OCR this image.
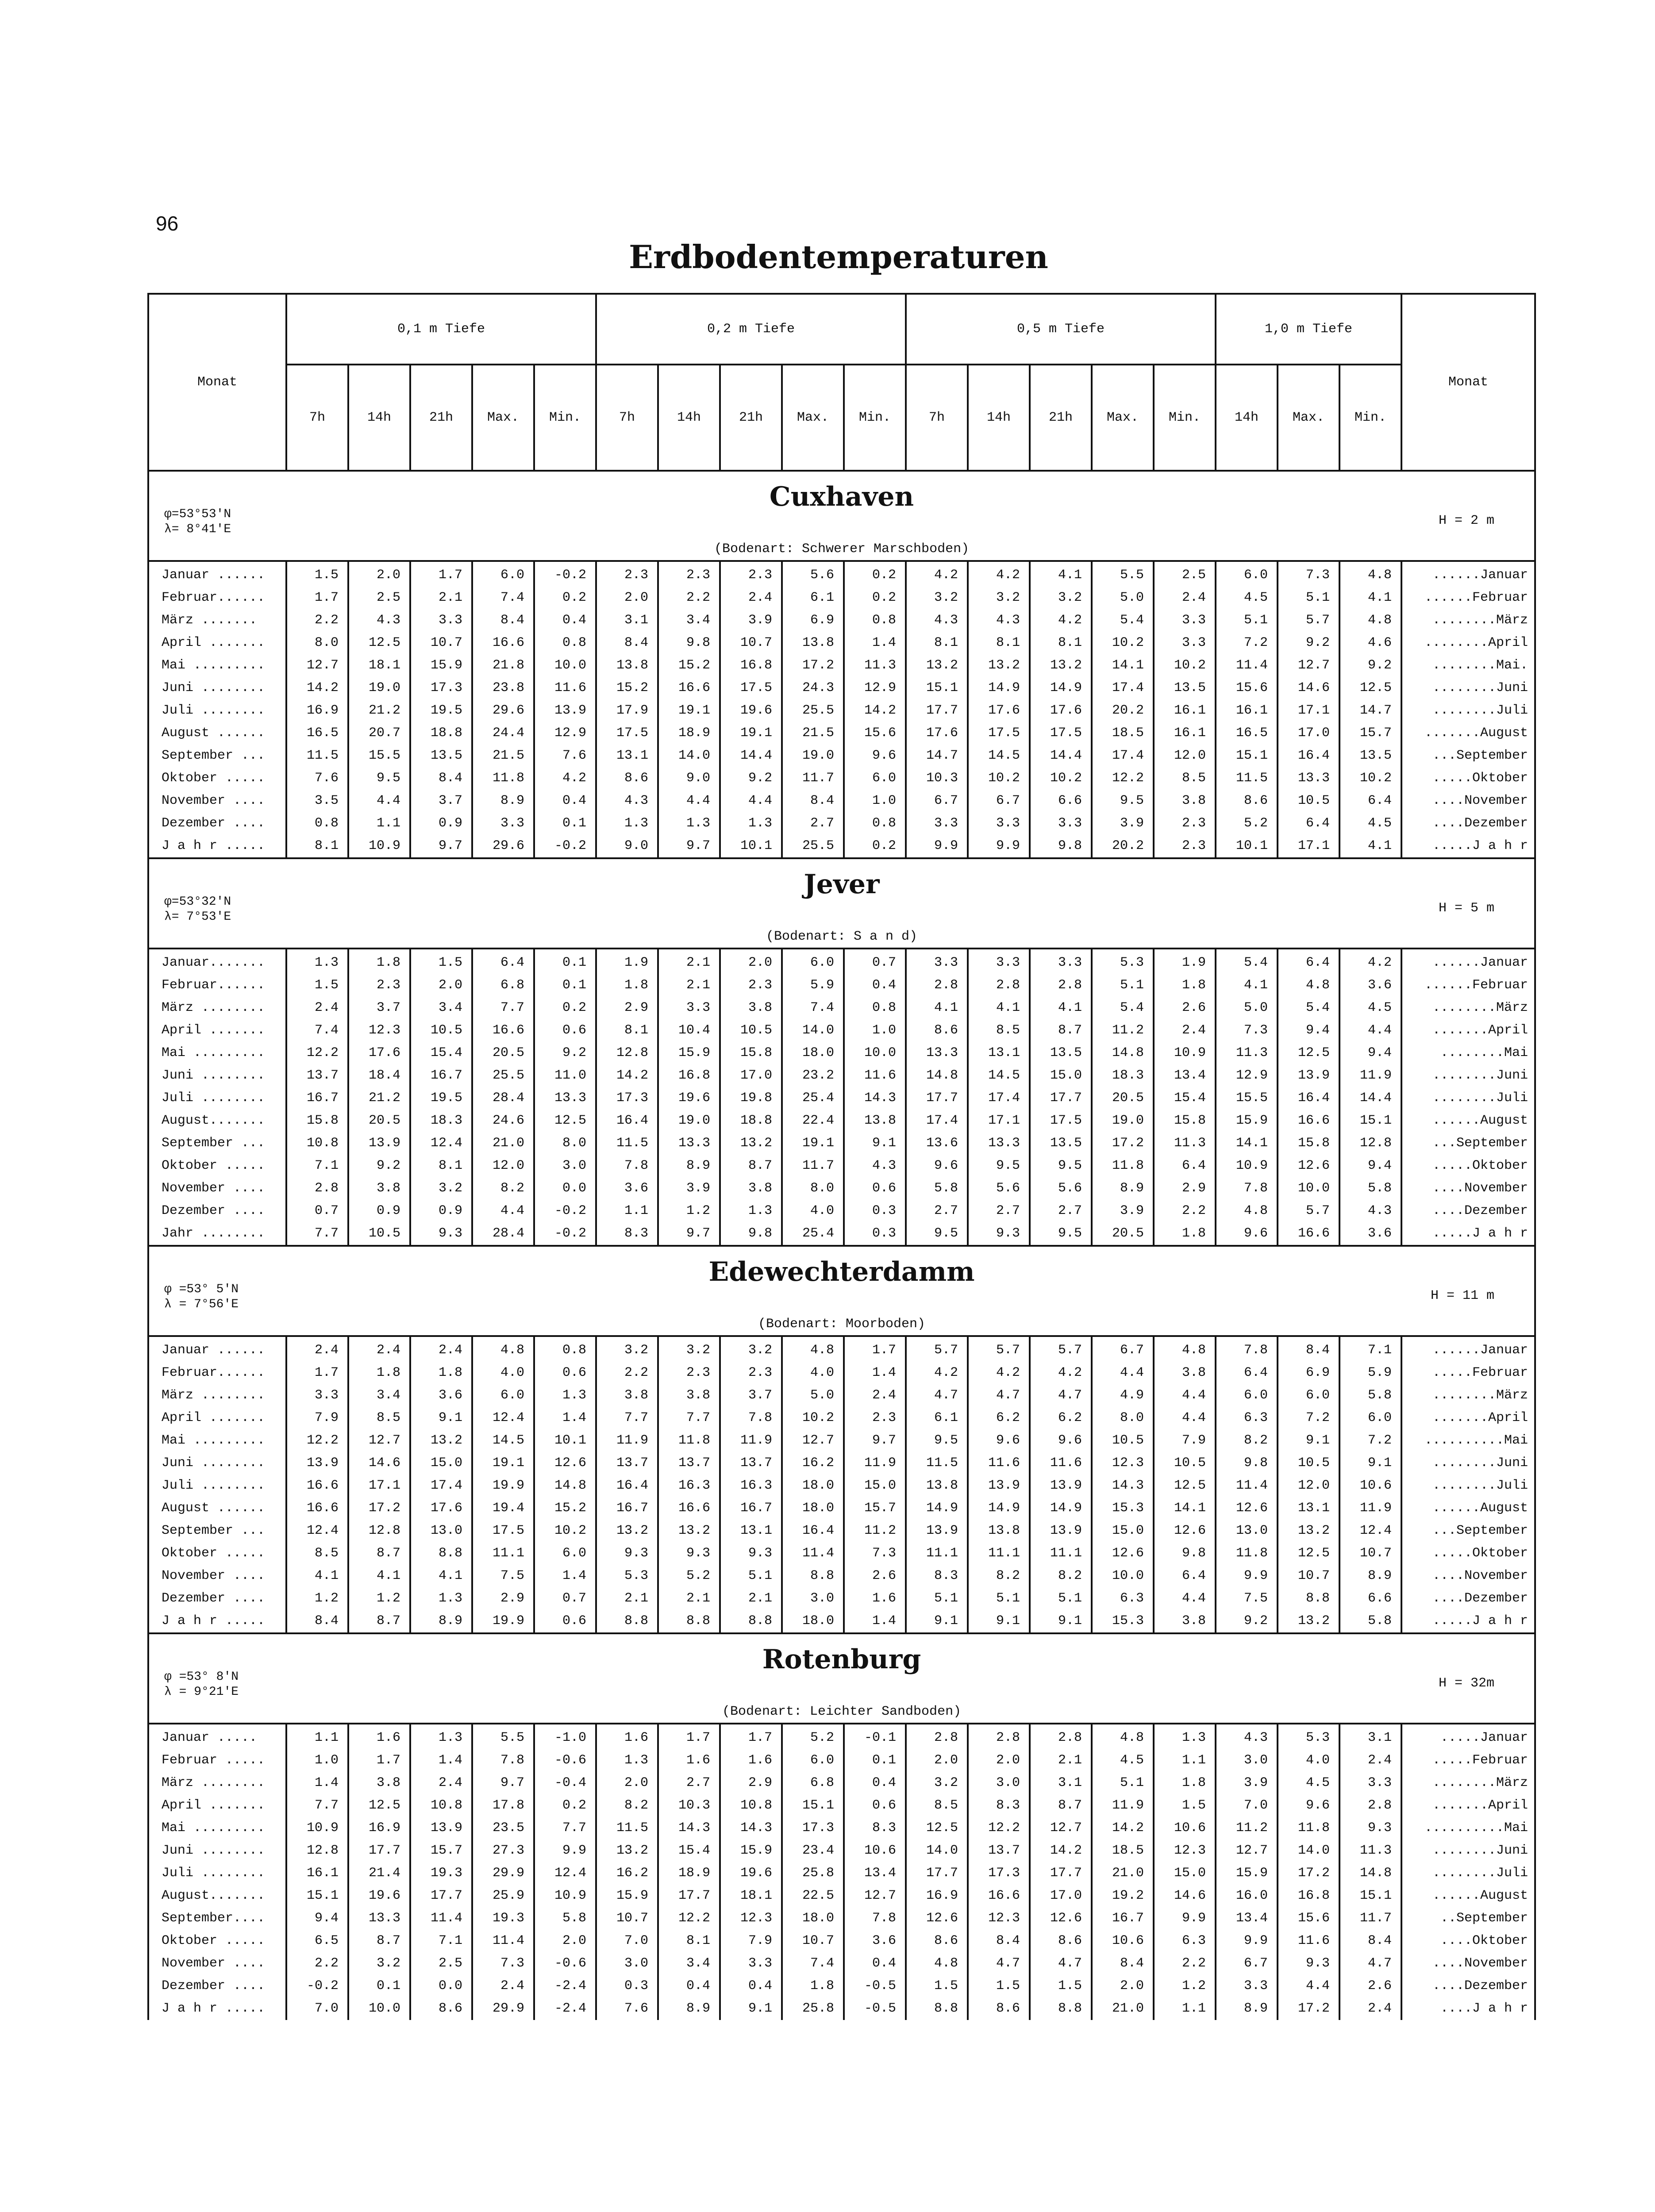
96
Erdbodentemperaturen
Monat	0,1 m Tiefe					0,2 m Tiefe					0,5 m Tiefe					1,0 m Tiefe			Monat
	7h	14h	21h	Max.	Min.	7h	14h	21h	Max.	Min.	7h	14h	21h	Max.	Min.	14h	Max.	Min.	

φ=53°53'N
λ= 8°41'E
Cuxhaven
(Bodenart: Schwerer Marschboden)
H = 2 m																			

Januar ......	1.5	2.0	1.7	6.0	-0.2	2.3	2.3	2.3	5.6	0.2	4.2	4.2	4.1	5.5	2.5	6.0	7.3	4.8	......Januar
Februar......	1.7	2.5	2.1	7.4	0.2	2.0	2.2	2.4	6.1	0.2	3.2	3.2	3.2	5.0	2.4	4.5	5.1	4.1	......Februar
März .......	2.2	4.3	3.3	8.4	0.4	3.1	3.4	3.9	6.9	0.8	4.3	4.3	4.2	5.4	3.3	5.1	5.7	4.8	........März
April .......	8.0	12.5	10.7	16.6	0.8	8.4	9.8	10.7	13.8	1.4	8.1	8.1	8.1	10.2	3.3	7.2	9.2	4.6	........April
Mai .........	12.7	18.1	15.9	21.8	10.0	13.8	15.2	16.8	17.2	11.3	13.2	13.2	13.2	14.1	10.2	11.4	12.7	9.2	........Mai.
Juni ........	14.2	19.0	17.3	23.8	11.6	15.2	16.6	17.5	24.3	12.9	15.1	14.9	14.9	17.4	13.5	15.6	14.6	12.5	........Juni
Juli ........	16.9	21.2	19.5	29.6	13.9	17.9	19.1	19.6	25.5	14.2	17.7	17.6	17.6	20.2	16.1	16.1	17.1	14.7	........Juli
August ......	16.5	20.7	18.8	24.4	12.9	17.5	18.9	19.1	21.5	15.6	17.6	17.5	17.5	18.5	16.1	16.5	17.0	15.7	.......August
September ...	11.5	15.5	13.5	21.5	7.6	13.1	14.0	14.4	19.0	9.6	14.7	14.5	14.4	17.4	12.0	15.1	16.4	13.5	...September
Oktober .....	7.6	9.5	8.4	11.8	4.2	8.6	9.0	9.2	11.7	6.0	10.3	10.2	10.2	12.2	8.5	11.5	13.3	10.2	.....Oktober
November ....	3.5	4.4	3.7	8.9	0.4	4.3	4.4	4.4	8.4	1.0	6.7	6.7	6.6	9.5	3.8	8.6	10.5	6.4	....November
Dezember ....	0.8	1.1	0.9	3.3	0.1	1.3	1.3	1.3	2.7	0.8	3.3	3.3	3.3	3.9	2.3	5.2	6.4	4.5	....Dezember
J a h r .....	8.1	10.9	9.7	29.6	-0.2	9.0	9.7	10.1	25.5	0.2	9.9	9.9	9.8	20.2	2.3	10.1	17.1	4.1	.....J a h r

φ=53°32'N
λ= 7°53'E
Jever
(Bodenart: S a n d)
H = 5 m																			

Januar.......	1.3	1.8	1.5	6.4	0.1	1.9	2.1	2.0	6.0	0.7	3.3	3.3	3.3	5.3	1.9	5.4	6.4	4.2	......Januar
Februar......	1.5	2.3	2.0	6.8	0.1	1.8	2.1	2.3	5.9	0.4	2.8	2.8	2.8	5.1	1.8	4.1	4.8	3.6	......Februar
März ........	2.4	3.7	3.4	7.7	0.2	2.9	3.3	3.8	7.4	0.8	4.1	4.1	4.1	5.4	2.6	5.0	5.4	4.5	........März
April .......	7.4	12.3	10.5	16.6	0.6	8.1	10.4	10.5	14.0	1.0	8.6	8.5	8.7	11.2	2.4	7.3	9.4	4.4	.......April
Mai .........	12.2	17.6	15.4	20.5	9.2	12.8	15.9	15.8	18.0	10.0	13.3	13.1	13.5	14.8	10.9	11.3	12.5	9.4	........Mai
Juni ........	13.7	18.4	16.7	25.5	11.0	14.2	16.8	17.0	23.2	11.6	14.8	14.5	15.0	18.3	13.4	12.9	13.9	11.9	........Juni
Juli ........	16.7	21.2	19.5	28.4	13.3	17.3	19.6	19.8	25.4	14.3	17.7	17.4	17.7	20.5	15.4	15.5	16.4	14.4	........Juli
August.......	15.8	20.5	18.3	24.6	12.5	16.4	19.0	18.8	22.4	13.8	17.4	17.1	17.5	19.0	15.8	15.9	16.6	15.1	......August
September ...	10.8	13.9	12.4	21.0	8.0	11.5	13.3	13.2	19.1	9.1	13.6	13.3	13.5	17.2	11.3	14.1	15.8	12.8	...September
Oktober .....	7.1	9.2	8.1	12.0	3.0	7.8	8.9	8.7	11.7	4.3	9.6	9.5	9.5	11.8	6.4	10.9	12.6	9.4	.....Oktober
November ....	2.8	3.8	3.2	8.2	0.0	3.6	3.9	3.8	8.0	0.6	5.8	5.6	5.6	8.9	2.9	7.8	10.0	5.8	....November
Dezember ....	0.7	0.9	0.9	4.4	-0.2	1.1	1.2	1.3	4.0	0.3	2.7	2.7	2.7	3.9	2.2	4.8	5.7	4.3	....Dezember
Jahr ........	7.7	10.5	9.3	28.4	-0.2	8.3	9.7	9.8	25.4	0.3	9.5	9.3	9.5	20.5	1.8	9.6	16.6	3.6	.....J a h r

φ =53° 5'N
λ = 7°56'E
Edewechterdamm
(Bodenart: Moorboden)
H = 11 m																			

Januar ......	2.4	2.4	2.4	4.8	0.8	3.2	3.2	3.2	4.8	1.7	5.7	5.7	5.7	6.7	4.8	7.8	8.4	7.1	......Januar
Februar......	1.7	1.8	1.8	4.0	0.6	2.2	2.3	2.3	4.0	1.4	4.2	4.2	4.2	4.4	3.8	6.4	6.9	5.9	.....Februar
März ........	3.3	3.4	3.6	6.0	1.3	3.8	3.8	3.7	5.0	2.4	4.7	4.7	4.7	4.9	4.4	6.0	6.0	5.8	........März
April .......	7.9	8.5	9.1	12.4	1.4	7.7	7.7	7.8	10.2	2.3	6.1	6.2	6.2	8.0	4.4	6.3	7.2	6.0	.......April
Mai .........	12.2	12.7	13.2	14.5	10.1	11.9	11.8	11.9	12.7	9.7	9.5	9.6	9.6	10.5	7.9	8.2	9.1	7.2	..........Mai
Juni ........	13.9	14.6	15.0	19.1	12.6	13.7	13.7	13.7	16.2	11.9	11.5	11.6	11.6	12.3	10.5	9.8	10.5	9.1	........Juni
Juli ........	16.6	17.1	17.4	19.9	14.8	16.4	16.3	16.3	18.0	15.0	13.8	13.9	13.9	14.3	12.5	11.4	12.0	10.6	........Juli
August ......	16.6	17.2	17.6	19.4	15.2	16.7	16.6	16.7	18.0	15.7	14.9	14.9	14.9	15.3	14.1	12.6	13.1	11.9	......August
September ...	12.4	12.8	13.0	17.5	10.2	13.2	13.2	13.1	16.4	11.2	13.9	13.8	13.9	15.0	12.6	13.0	13.2	12.4	...September
Oktober .....	8.5	8.7	8.8	11.1	6.0	9.3	9.3	9.3	11.4	7.3	11.1	11.1	11.1	12.6	9.8	11.8	12.5	10.7	.....Oktober
November ....	4.1	4.1	4.1	7.5	1.4	5.3	5.2	5.1	8.8	2.6	8.3	8.2	8.2	10.0	6.4	9.9	10.7	8.9	....November
Dezember ....	1.2	1.2	1.3	2.9	0.7	2.1	2.1	2.1	3.0	1.6	5.1	5.1	5.1	6.3	4.4	7.5	8.8	6.6	....Dezember
J a h r .....	8.4	8.7	8.9	19.9	0.6	8.8	8.8	8.8	18.0	1.4	9.1	9.1	9.1	15.3	3.8	9.2	13.2	5.8	.....J a h r

φ =53° 8'N
λ = 9°21'E
Rotenburg
(Bodenart: Leichter Sandboden)
H = 32m																			

Januar .....	1.1	1.6	1.3	5.5	-1.0	1.6	1.7	1.7	5.2	-0.1	2.8	2.8	2.8	4.8	1.3	4.3	5.3	3.1	.....Januar
Februar .....	1.0	1.7	1.4	7.8	-0.6	1.3	1.6	1.6	6.0	0.1	2.0	2.0	2.1	4.5	1.1	3.0	4.0	2.4	.....Februar
März ........	1.4	3.8	2.4	9.7	-0.4	2.0	2.7	2.9	6.8	0.4	3.2	3.0	3.1	5.1	1.8	3.9	4.5	3.3	........März
April .......	7.7	12.5	10.8	17.8	0.2	8.2	10.3	10.8	15.1	0.6	8.5	8.3	8.7	11.9	1.5	7.0	9.6	2.8	.......April
Mai .........	10.9	16.9	13.9	23.5	7.7	11.5	14.3	14.3	17.3	8.3	12.5	12.2	12.7	14.2	10.6	11.2	11.8	9.3	..........Mai
Juni ........	12.8	17.7	15.7	27.3	9.9	13.2	15.4	15.9	23.4	10.6	14.0	13.7	14.2	18.5	12.3	12.7	14.0	11.3	........Juni
Juli ........	16.1	21.4	19.3	29.9	12.4	16.2	18.9	19.6	25.8	13.4	17.7	17.3	17.7	21.0	15.0	15.9	17.2	14.8	........Juli
August.......	15.1	19.6	17.7	25.9	10.9	15.9	17.7	18.1	22.5	12.7	16.9	16.6	17.0	19.2	14.6	16.0	16.8	15.1	......August
September....	9.4	13.3	11.4	19.3	5.8	10.7	12.2	12.3	18.0	7.8	12.6	12.3	12.6	16.7	9.9	13.4	15.6	11.7	..September
Oktober .....	6.5	8.7	7.1	11.4	2.0	7.0	8.1	7.9	10.7	3.6	8.6	8.4	8.6	10.6	6.3	9.9	11.6	8.4	....Oktober
November ....	2.2	3.2	2.5	7.3	-0.6	3.0	3.4	3.3	7.4	0.4	4.8	4.7	4.7	8.4	2.2	6.7	9.3	4.7	....November
Dezember ....	-0.2	0.1	0.0	2.4	-2.4	0.3	0.4	0.4	1.8	-0.5	1.5	1.5	1.5	2.0	1.2	3.3	4.4	2.6	....Dezember
J a h r .....	7.0	10.0	8.6	29.9	-2.4	7.6	8.9	9.1	25.8	-0.5	8.8	8.6	8.8	21.0	1.1	8.9	17.2	2.4	....J a h r
